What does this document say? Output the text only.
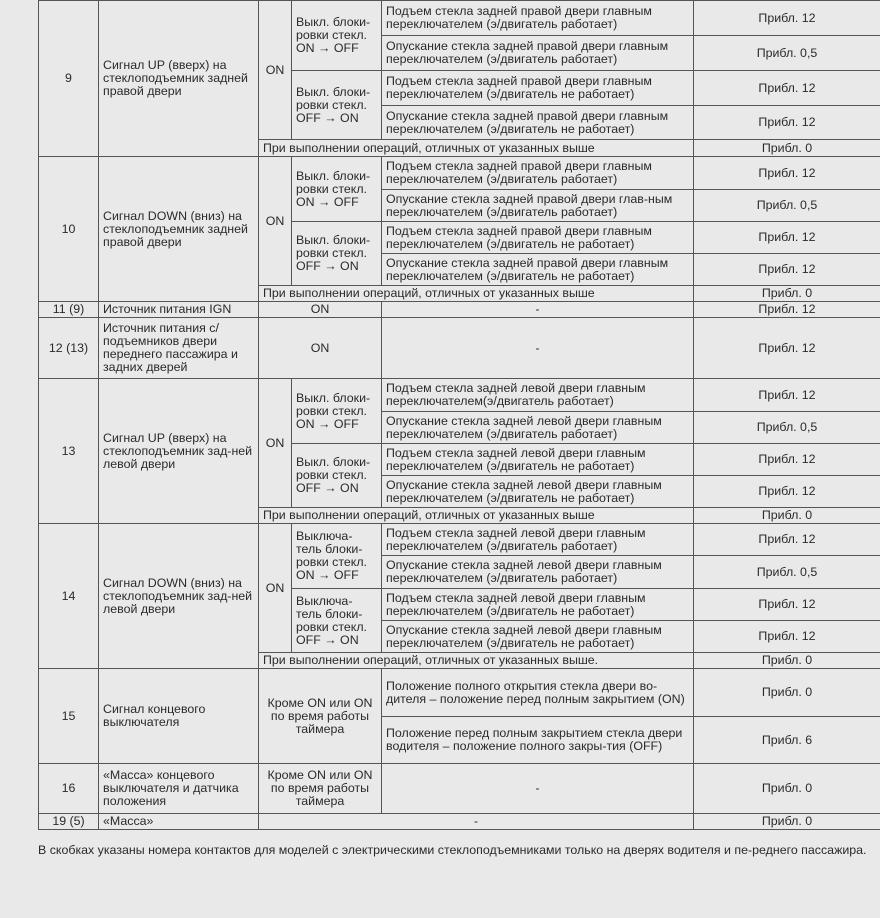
9	Сигнал UP (вверх) на стеклоподъемник задней правой двери	ON	Выкл. блоки-ровки стекл. ON → OFF	Подъем стекла задней правой двери главным переключателем (э/двигатель работает)	Прибл. 12
				Опускание стекла задней правой двери главным переключателем (э/двигатель работает)	Прибл. 0,5
			Выкл. блоки-ровки стекл. OFF → ON	Подъем стекла задней правой двери главным переключателем (э/двигатель не работает)	Прибл. 12
				Опускание стекла задней правой двери главным переключателем (э/двигатель не работает)	Прибл. 12
		При выполнении операций, отличных от указанных выше			Прибл. 0
10	Сигнал DOWN (вниз) на стеклоподъемник задней правой двери	ON	Выкл. блоки-ровки стекл. ON → OFF	Подъем стекла задней правой двери главным переключателем (э/двигатель работает)	Прибл. 12
				Опускание стекла задней правой двери глав-ным переключателем (э/двигатель работает)	Прибл. 0,5
			Выкл. блоки-ровки стекл. OFF → ON	Подъем стекла задней правой двери главным переключателем (э/двигатель не работает)	Прибл. 12
				Опускание стекла задней правой двери главным переключателем (э/двигатель не работает)	Прибл. 12
		При выполнении операций, отличных от указанных выше			Прибл. 0
11 (9)	Источник питания IGN	ON		-	Прибл. 12
12 (13)	Источник питания с/подъемников двери переднего пассажира и задних дверей	ON		-	Прибл. 12
13	Сигнал UP (вверх) на стеклоподъемник зад-ней левой двери	ON	Выкл. блоки-ровки стекл. ON → OFF	Подъем стекла задней левой двери главным переключателем(э/двигатель работает)	Прибл. 12
				Опускание стекла задней левой двери главным переключателем (э/двигатель работает)	Прибл. 0,5
			Выкл. блоки-ровки стекл. OFF → ON	Подъем стекла задней левой двери главным переключателем (э/двигатель не работает)	Прибл. 12
				Опускание стекла задней левой двери главным переключателем (э/двигатель не работает)	Прибл. 12
		При выполнении операций, отличных от указанных выше			Прибл. 0
14	Сигнал DOWN (вниз) на стеклоподъемник зад-ней левой двери	ON	Выключа-тель блоки-ровки стекл. ON → OFF	Подъем стекла задней левой двери главным переключателем (э/двигатель работает)	Прибл. 12
				Опускание стекла задней левой двери главным переключателем (э/двигатель работает)	Прибл. 0,5
			Выключа-тель блоки-ровки стекл. OFF → ON	Подъем стекла задней левой двери главным переключателем (э/двигатель не работает)	Прибл. 12
				Опускание стекла задней левой двери главным переключателем (э/двигатель не работает)	Прибл. 12
		При выполнении операций, отличных от указанных выше.			Прибл. 0
15	Сигнал концевого выключателя	Кроме ON или ON по время работы таймера		Положение полного открытия стекла двери во-дителя – положение перед полным закрытием (ON)	Прибл. 0
				Положение перед полным закрытием стекла двери водителя – положение полного закры-тия (OFF)	Прибл. 6
16	«Масса» концевого выключателя и датчика положения	Кроме ON или ON по время работы таймера		-	Прибл. 0
19 (5)	«Масса»	-			Прибл. 0
В скобках указаны номера контактов для моделей с электрическими стеклоподъемниками только на дверях водителя и пе-реднего пассажира.
